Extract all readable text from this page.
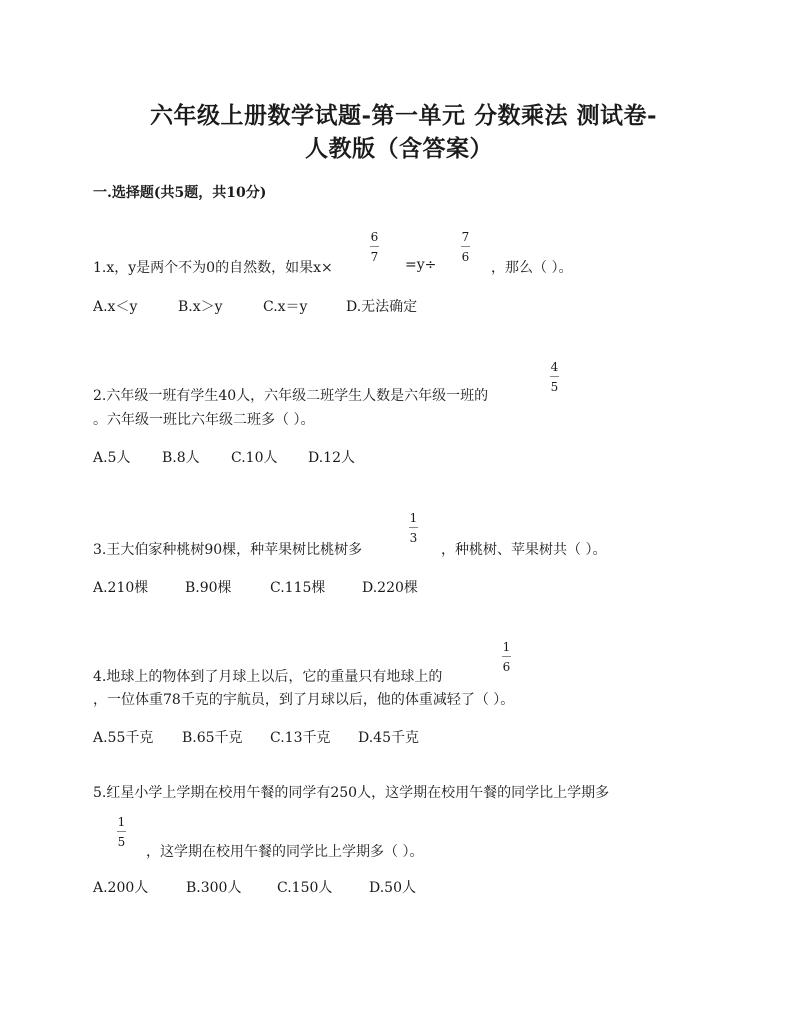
六年级上册数学试题-第一单元 分数乘法 测试卷-
人教版（含答案）
一.选择题(共5题，共10分)
1.x，y是两个不为0的自然数，如果x×
6
7 =y÷
7
6
，那么（ ）。
A.x＜y	B.x＞y	C.x＝y	D.无法确定
2.六年级一班有学生40人，六年级二班学生人数是六年级一班的
4
5
。六年级一班比六年级二班多（ ）。
A.5人 B.8人 C.10人 D.12人
3.王大伯家种桃树90棵，种苹果树比桃树多
1
3
，种桃树、苹果树共（ ）。
A.210棵	B.90棵	C.115棵	D.220棵
4.地球上的物体到了月球上以后，它的重量只有地球上的
1
6
，一位体重78千克的宇航员，到了月球以后，他的体重减轻了（ ）。
A.55千克 B.65千克 C.13千克 D.45千克
5.红星小学上学期在校用午餐的同学有250人，这学期在校用午餐的同学比上学期多
1
5
，这学期在校用午餐的同学比上学期多（ ）。
A.200人	B.300人	C.150人	D.50人
